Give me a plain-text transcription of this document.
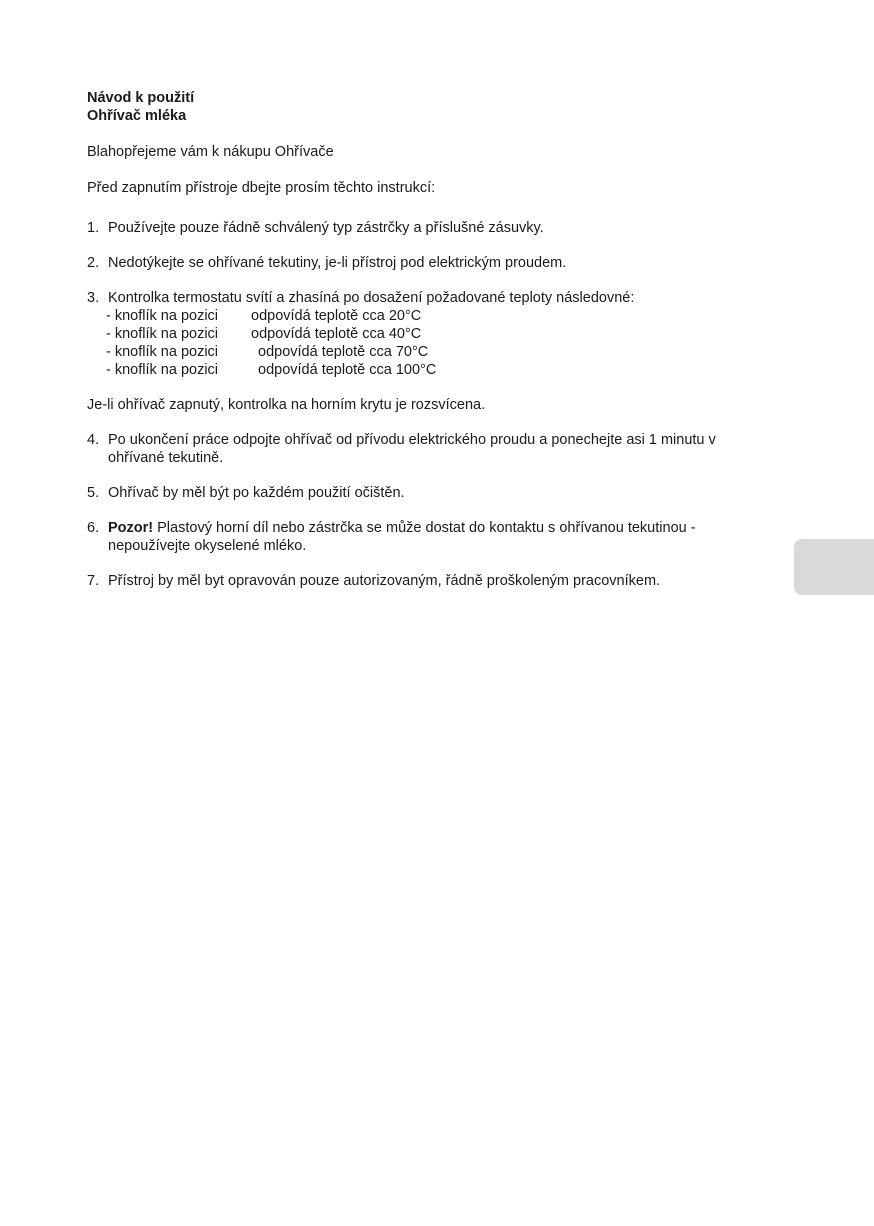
Návod k použití

Ohřívač mléka

Blahopřejeme vám k nákupu Ohřívače

Před zapnutím přístroje dbejte prosím těchto instrukcí:

1. Používejte pouze řádně schválený typ zástrčky a příslušné zásuvky.
2. Nedotýkejte se ohřívané tekutiny, je-li přístroj pod elektrickým proudem.
3. Kontrolka termostatu svítí a zhasíná po dosažení požadované teploty následovné:
- knoflík na pozici odpovídá teplotě cca 20°C
- knoflík na pozici odpovídá teplotě cca 40°C
- knoflík na pozici	odpovídá teplotě cca 70°C
- knoflík na pozici	odpovídá teplotě cca 100°C

Je-li ohřívač zapnutý, kontrolka na horním krytu je rozsvícena.

4. Po ukončení práce odpojte ohřívač od přívodu elektrického proudu a ponechejte asi 1 minutu v ohřívané tekutině.
5. Ohřívač by měl být po každém použití očištěn.
6. Pozor! Plastový horní díl nebo zástrčka se může dostat do kontaktu s ohřívanou tekutinou - nepoužívejte okyselené mléko.
7. Přístroj by měl byt opravován pouze autorizovaným, řádně proškoleným pracovníkem.
